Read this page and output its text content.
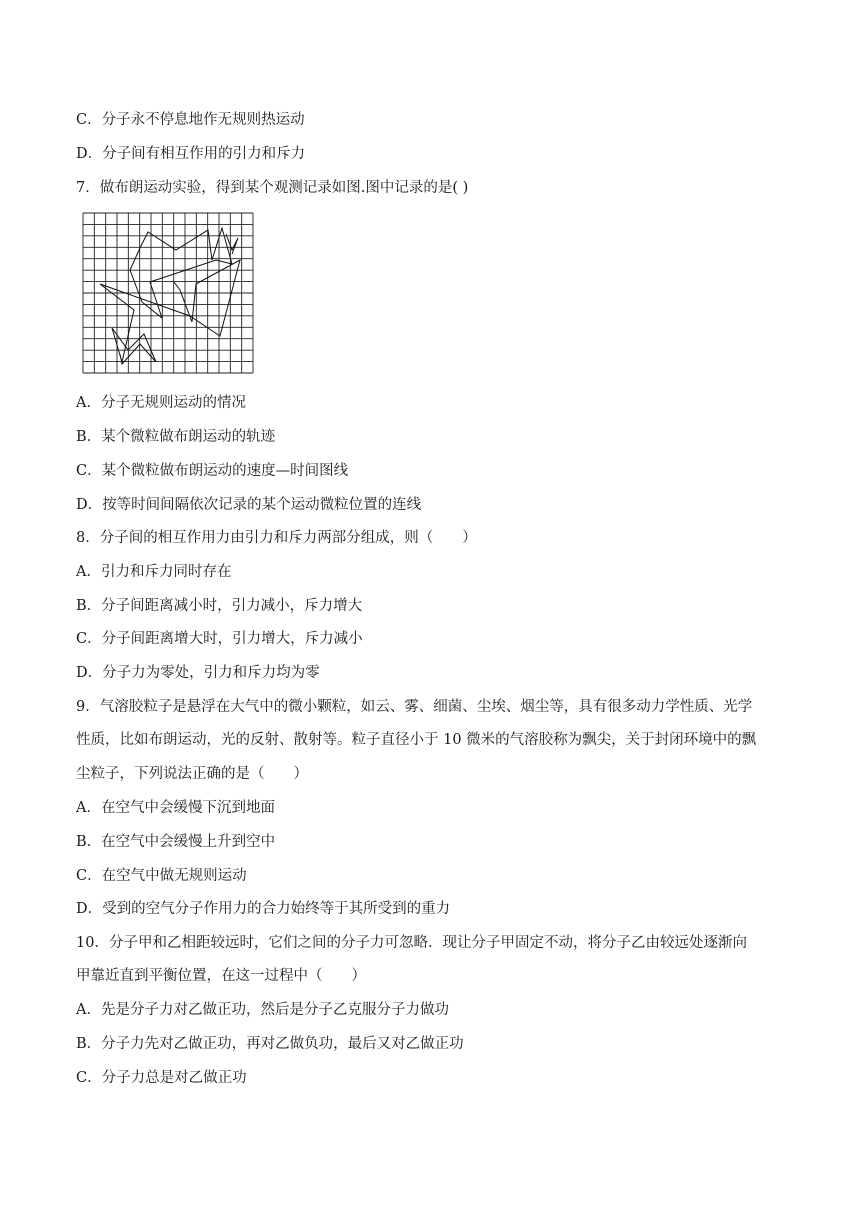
C．分子永不停息地作无规则热运动
D．分子间有相互作用的引力和斥力
7．做布朗运动实验，得到某个观测记录如图.图中记录的是( )
A．分子无规则运动的情况
B．某个微粒做布朗运动的轨迹
C．某个微粒做布朗运动的速度—时间图线
D．按等时间间隔依次记录的某个运动微粒位置的连线
8．分子间的相互作用力由引力和斥力两部分组成，则（　　）
A．引力和斥力同时存在
B．分子间距离减小时，引力减小，斥力增大
C．分子间距离增大时，引力增大，斥力减小
D．分子力为零处，引力和斥力均为零
9．气溶胶粒子是悬浮在大气中的微小颗粒，如云、雾、细菌、尘埃、烟尘等，具有很多动力学性质、光学
性质，比如布朗运动，光的反射、散射等。粒子直径小于 10 微米的气溶胶称为飘尖，关于封闭环境中的飘
尘粒子，下列说法正确的是（　　）
A．在空气中会缓慢下沉到地面
B．在空气中会缓慢上升到空中
C．在空气中做无规则运动
D．受到的空气分子作用力的合力始终等于其所受到的重力
10．分子甲和乙相距较远时，它们之间的分子力可忽略．现让分子甲固定不动，将分子乙由较远处逐渐向
甲靠近直到平衡位置，在这一过程中（　　）
A．先是分子力对乙做正功，然后是分子乙克服分子力做功
B．分子力先对乙做正功，再对乙做负功，最后又对乙做正功
C．分子力总是对乙做正功
